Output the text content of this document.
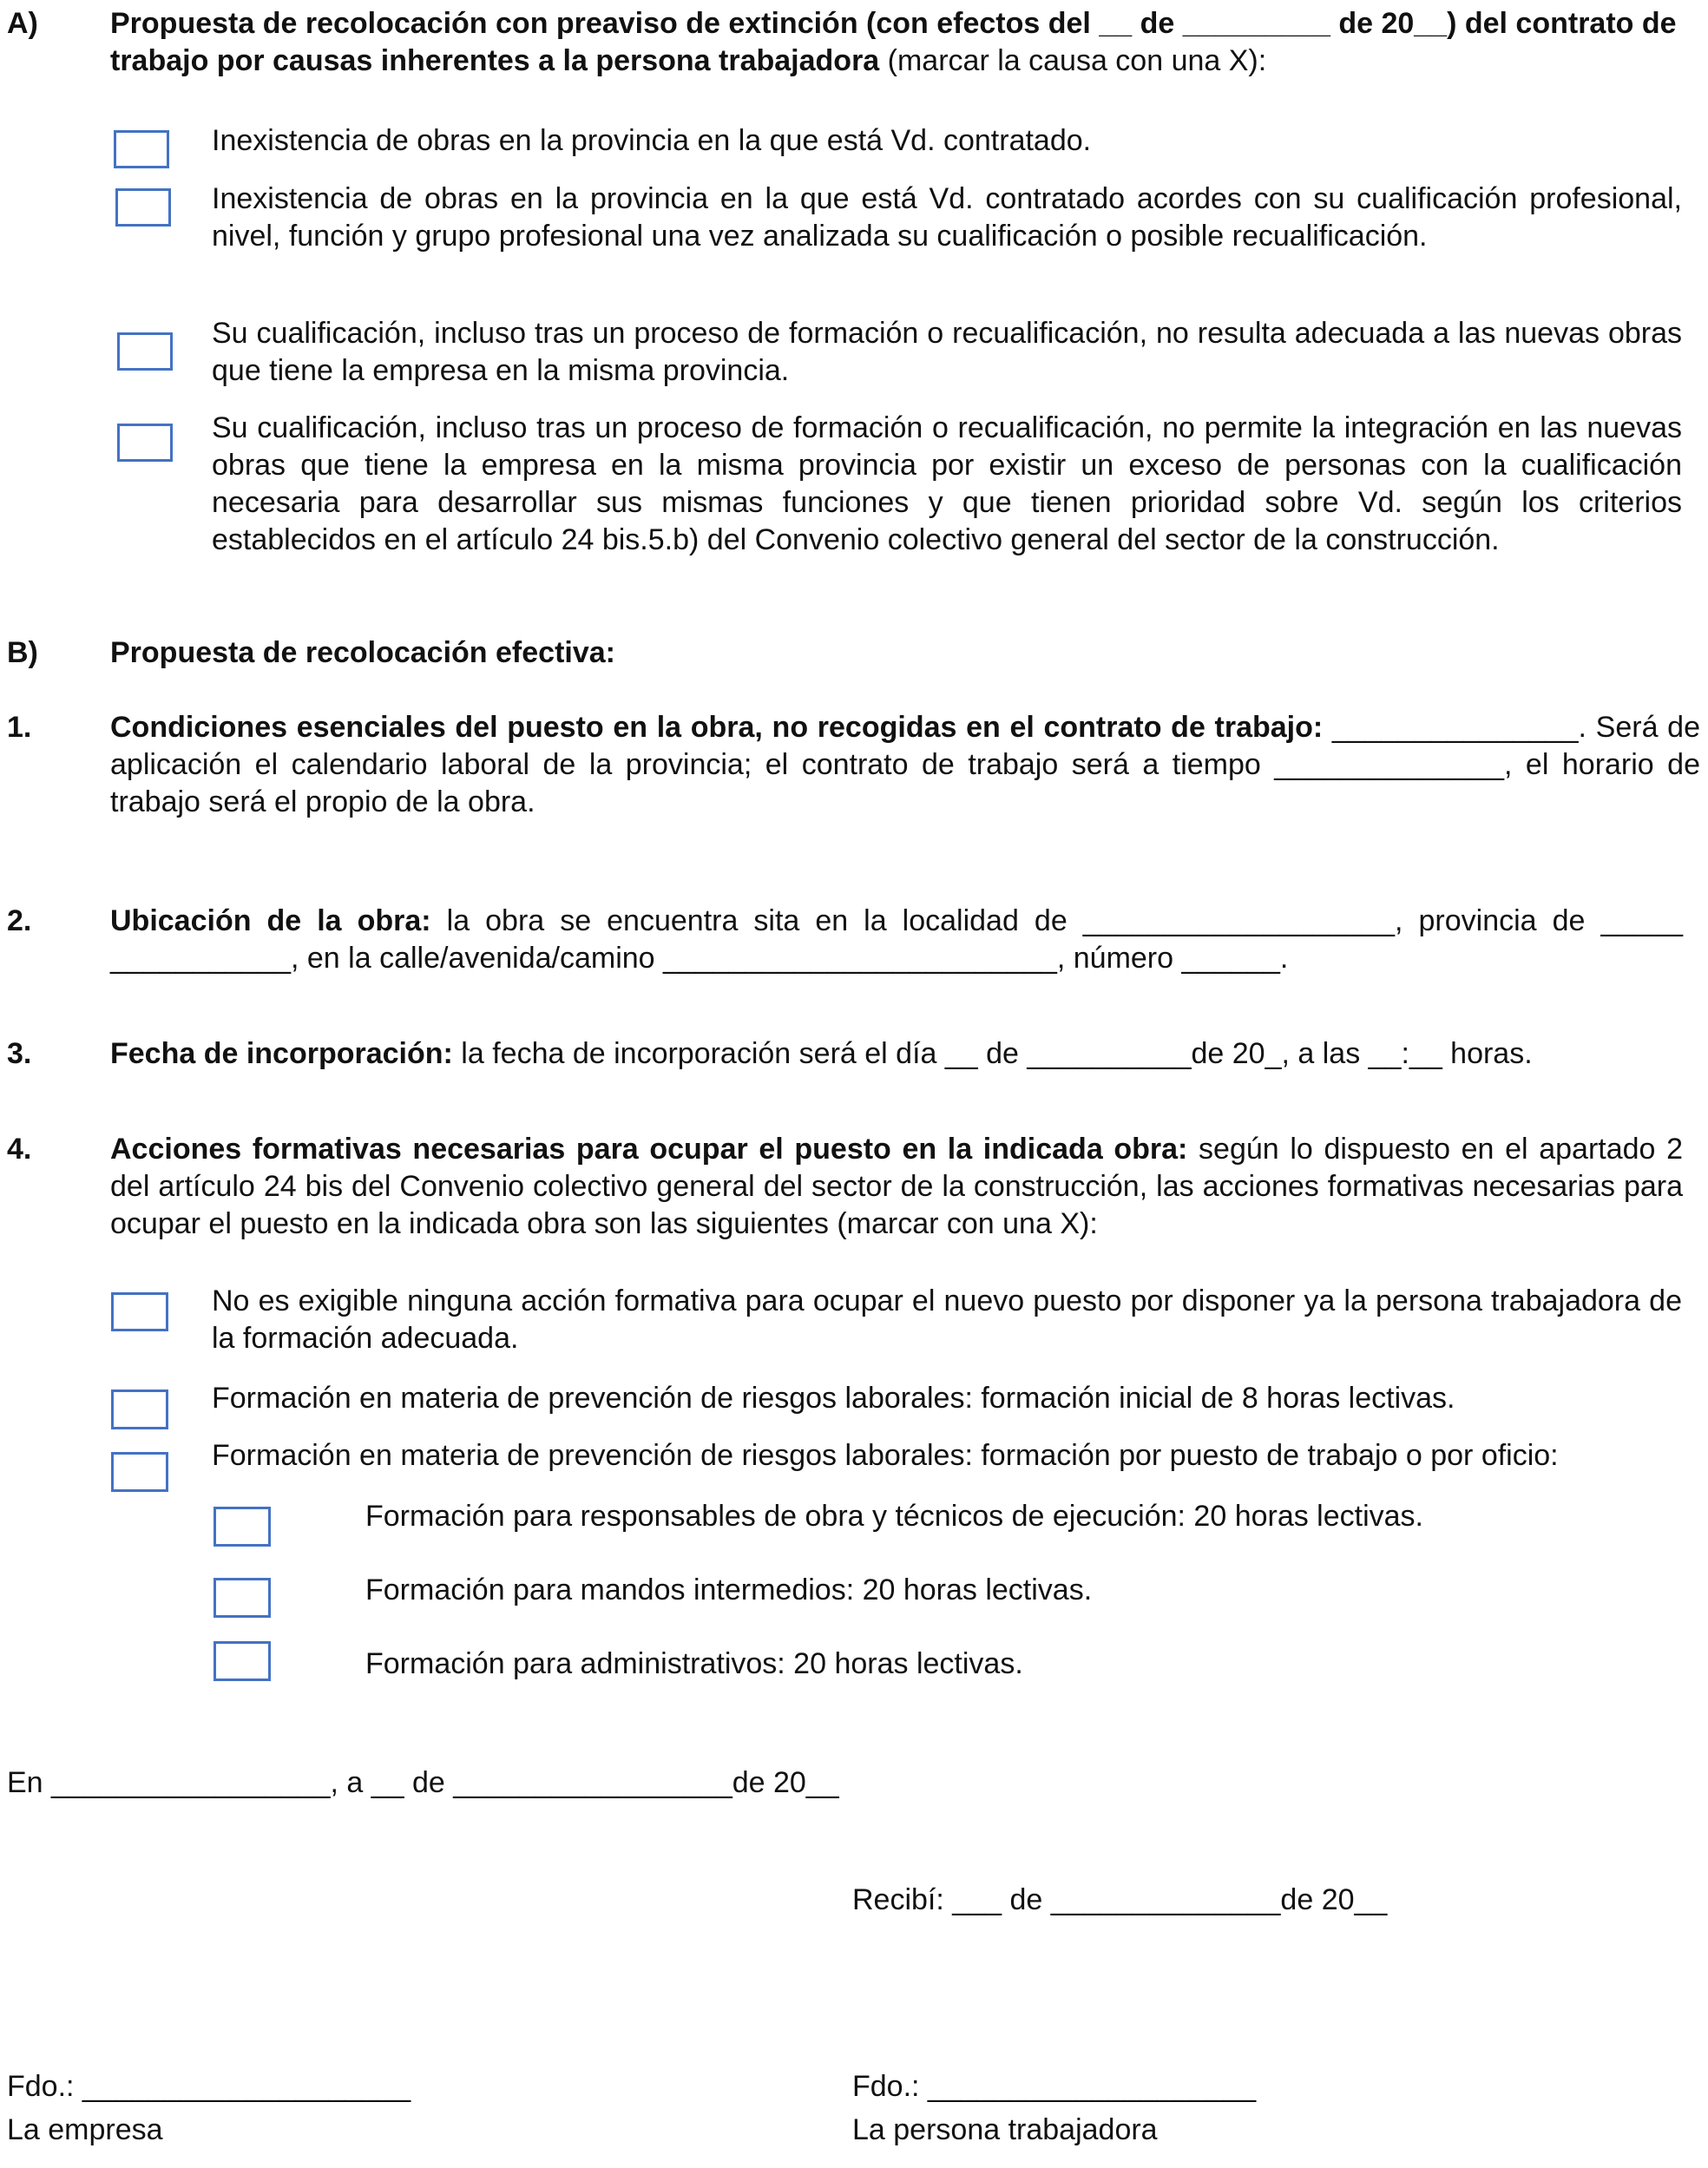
A) Propuesta de recolocación con preaviso de extinción (con efectos del __ de _________ de 20__) del contrato de trabajo por causas inherentes a la persona trabajadora (marcar la causa con una X):
Inexistencia de obras en la provincia en la que está Vd. contratado.
Inexistencia de obras en la provincia en la que está Vd. contratado acordes con su cualificación profesional, nivel, función y grupo profesional una vez analizada su cualificación o posible recualificación.
Su cualificación, incluso tras un proceso de formación o recualificación, no resulta adecuada a las nuevas obras que tiene la empresa en la misma provincia.
Su cualificación, incluso tras un proceso de formación o recualificación, no permite la integración en las nuevas obras que tiene la empresa en la misma provincia por existir un exceso de personas con la cualificación necesaria para desarrollar sus mismas funciones y que tienen prioridad sobre Vd. según los criterios establecidos en el artículo 24 bis.5.b) del Convenio colectivo general del sector de la construcción.
B) Propuesta de recolocación efectiva:
1.	Condiciones esenciales del puesto en la obra, no recogidas en el contrato de trabajo: _______________. Será de aplicación el calendario laboral de la provincia; el contrato de trabajo será a tiempo ______________, el horario de trabajo será el propio de la obra.
2.	Ubicación de la obra: la obra se encuentra sita en la localidad de ___________________, provincia de _____ ___________, en la calle/avenida/camino ________________________, número ______.
3.	Fecha de incorporación: la fecha de incorporación será el día __ de __________de 20_, a las __:__ horas.
4.	Acciones formativas necesarias para ocupar el puesto en la indicada obra: según lo dispuesto en el apartado 2 del artículo 24 bis del Convenio colectivo general del sector de la construcción, las acciones formativas necesarias para ocupar el puesto en la indicada obra son las siguientes (marcar con una X):
No es exigible ninguna acción formativa para ocupar el nuevo puesto por disponer ya la persona trabajadora de la formación adecuada.
Formación en materia de prevención de riesgos laborales: formación inicial de 8 horas lectivas.
Formación en materia de prevención de riesgos laborales: formación por puesto de trabajo o por oficio:
Formación para responsables de obra y técnicos de ejecución: 20 horas lectivas.
Formación para mandos intermedios: 20 horas lectivas.
Formación para administrativos: 20 horas lectivas.
En _________________, a __ de _________________de 20__
Recibí: ___ de ______________de 20__
Fdo.: ____________________
La empresa
Fdo.: ____________________
La persona trabajadora
